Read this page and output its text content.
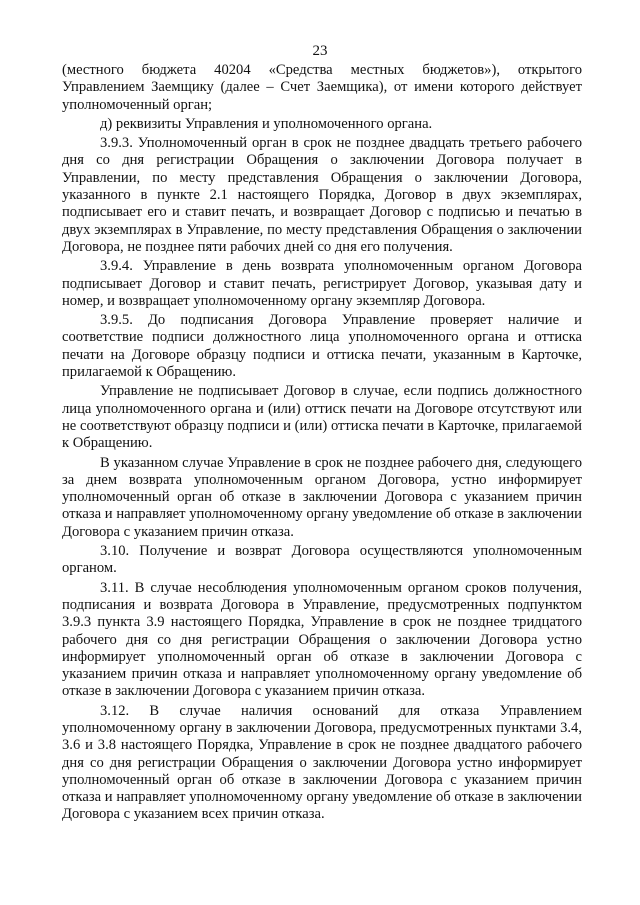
23

(местного бюджета 40204 «Средства местных бюджетов»), открытого Управлением Заемщику (далее – Счет Заемщика), от имени которого действует уполномоченный орган;

д) реквизиты Управления и уполномоченного органа.

3.9.3. Уполномоченный орган в срок не позднее двадцать третьего рабочего дня со дня регистрации Обращения о заключении Договора получает в Управлении, по месту представления Обращения о заключении Договора, указанного в пункте 2.1 настоящего Порядка, Договор в двух экземплярах, подписывает его и ставит печать, и возвращает Договор с подписью и печатью в двух экземплярах в Управление, по месту представления Обращения о заключении Договора, не позднее пяти рабочих дней со дня его получения.

3.9.4. Управление в день возврата уполномоченным органом Договора подписывает Договор и ставит печать, регистрирует Договор, указывая дату и номер, и возвращает уполномоченному органу экземпляр Договора.

3.9.5. До подписания Договора Управление проверяет наличие и соответствие подписи должностного лица уполномоченного органа и оттиска печати на Договоре образцу подписи и оттиска печати, указанным в Карточке, прилагаемой к Обращению.

Управление не подписывает Договор в случае, если подпись должностного лица уполномоченного органа и (или) оттиск печати на Договоре отсутствуют или не соответствуют образцу подписи и (или) оттиска печати в Карточке, прилагаемой к Обращению.

В указанном случае Управление в срок не позднее рабочего дня, следующего за днем возврата уполномоченным органом Договора, устно информирует уполномоченный орган об отказе в заключении Договора с указанием причин отказа и направляет уполномоченному органу уведомление об отказе в заключении Договора с указанием причин отказа.

3.10. Получение и возврат Договора осуществляются уполномоченным органом.

3.11. В случае несоблюдения уполномоченным органом сроков получения, подписания и возврата Договора в Управление, предусмотренных подпунктом 3.9.3 пункта 3.9 настоящего Порядка, Управление в срок не позднее тридцатого рабочего дня со дня регистрации Обращения о заключении Договора устно информирует уполномоченный орган об отказе в заключении Договора с указанием причин отказа и направляет уполномоченному органу уведомление об отказе в заключении Договора с указанием причин отказа.

3.12. В случае наличия оснований для отказа Управлением уполномоченному органу в заключении Договора, предусмотренных пунктами 3.4, 3.6 и 3.8 настоящего Порядка, Управление в срок не позднее двадцатого рабочего дня со дня регистрации Обращения о заключении Договора устно информирует уполномоченный орган об отказе в заключении Договора с указанием причин отказа и направляет уполномоченному органу уведомление об отказе в заключении Договора с указанием всех причин отказа.
